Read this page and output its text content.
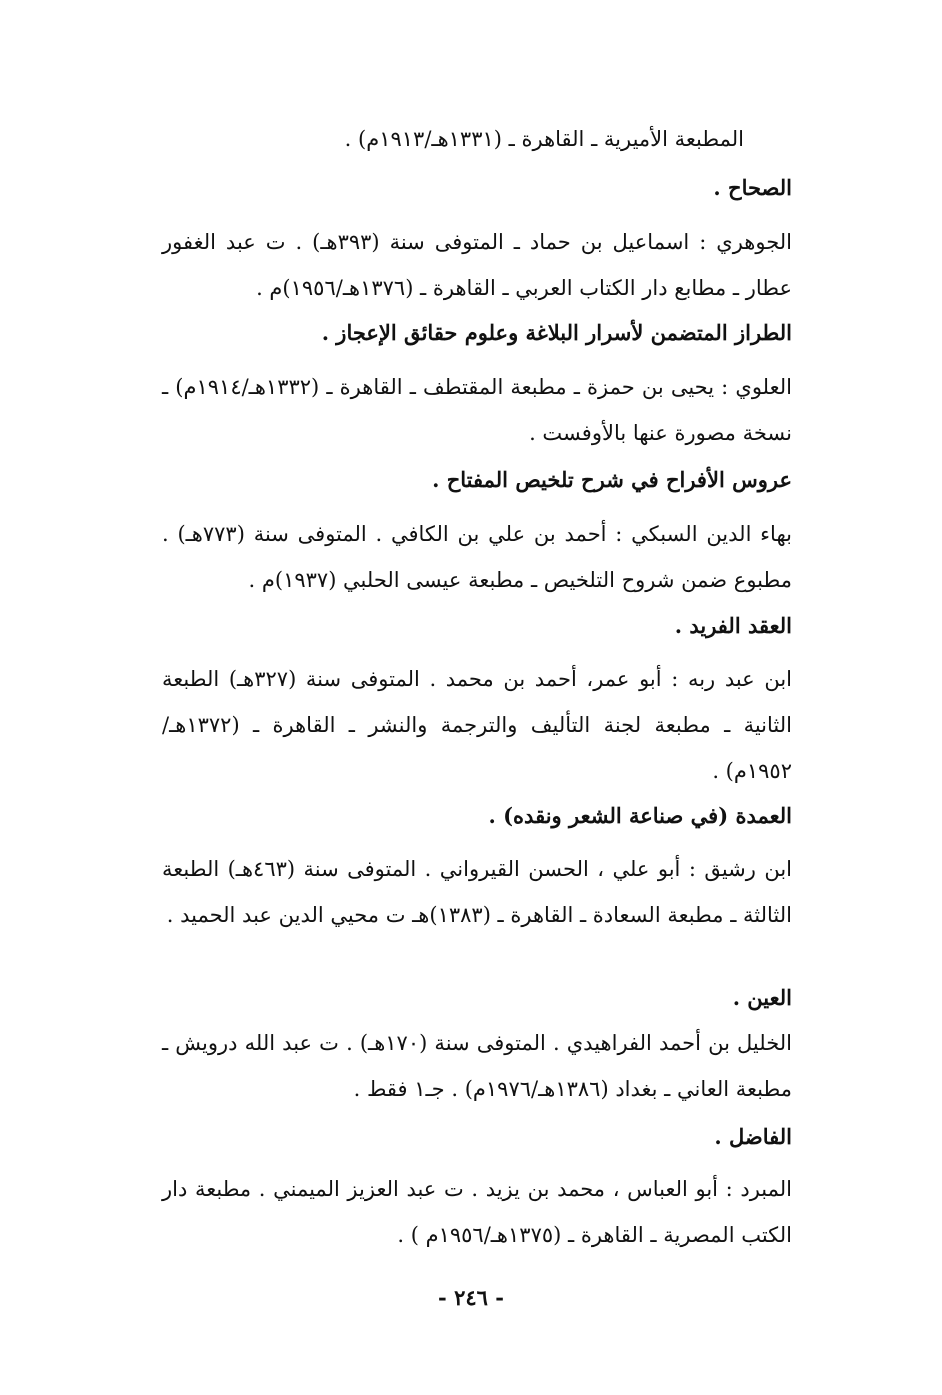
المطبعة الأميرية ـ القاهرة ـ (١٣٣١هـ/١٩١٣م) .

الصحاح .

الجوهري : اسماعيل بن حماد ـ المتوفى سنة (٣٩٣هـ) . ت عبد الغفور عطار ـ مطابع دار الكتاب العربي ـ القاهرة ـ (١٣٧٦هـ/١٩٥٦)م .

الطراز المتضمن لأسرار البلاغة وعلوم حقائق الإعجاز .

العلوي : يحيى بن حمزة ـ مطبعة المقتطف ـ القاهرة ـ (١٣٣٢هـ/١٩١٤م) ـ نسخة مصورة عنها بالأوفست .

عروس الأفراح في شرح تلخيص المفتاح .

بهاء الدين السبكي : أحمد بن علي بن الكافي . المتوفى سنة (٧٧٣هـ) . مطبوع ضمن شروح التلخيص ـ مطبعة عيسى الحلبي (١٩٣٧)م .

العقد الفريد .

ابن عبد ربه : أبو عمر، أحمد بن محمد . المتوفى سنة (٣٢٧هـ) الطبعة الثانية ـ مطبعة لجنة التأليف والترجمة والنشر ـ القاهرة ـ (١٣٧٢هـ/ ١٩٥٢م) .

العمدة (في صناعة الشعر ونقده) .

ابن رشيق : أبو علي ، الحسن القيرواني . المتوفى سنة (٤٦٣هـ) الطبعة الثالثة ـ مطبعة السعادة ـ القاهرة ـ (١٣٨٣)هـ ت محيي الدين عبد الحميد .

العين .

الخليل بن أحمد الفراهيدي . المتوفى سنة (١٧٠هـ) . ت عبد الله درويش ـ مطبعة العاني ـ بغداد (١٣٨٦هـ/١٩٧٦م) . جـ١ فقط .

الفاضل .

المبرد : أبو العباس ، محمد بن يزيد . ت عبد العزيز الميمني . مطبعة دار الكتب المصرية ـ القاهرة ـ (١٣٧٥هـ/١٩٥٦م ) .

- ٢٤٦ -
